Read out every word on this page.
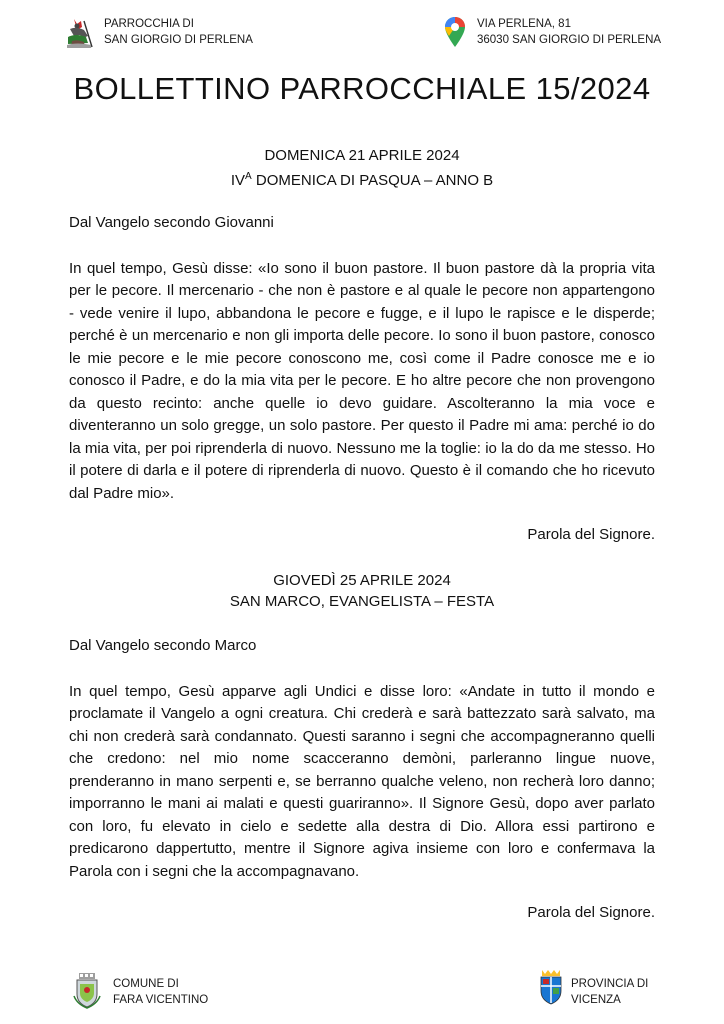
PARROCCHIA DI
SAN GIORGIO DI PERLENA
VIA PERLENA, 81
36030 SAN GIORGIO DI PERLENA
BOLLETTINO PARROCCHIALE 15/2024
DOMENICA 21 APRILE 2024
$IV^A$ DOMENICA DI PASQUA – ANNO B
Dal Vangelo secondo Giovanni

In quel tempo, Gesù disse: «Io sono il buon pastore. Il buon pastore dà la propria vita per le pecore. Il mercenario - che non è pastore e al quale le pecore non appartengono - vede venire il lupo, abbandona le pecore e fugge, e il lupo le rapisce e le disperde; perché è un mercenario e non gli importa delle pecore. Io sono il buon pastore, conosco le mie pecore e le mie pecore conoscono me, così come il Padre conosce me e io conosco il Padre, e do la mia vita per le pecore. E ho altre pecore che non provengono da questo recinto: anche quelle io devo guidare. Ascolteranno la mia voce e diventeranno un solo gregge, un solo pastore. Per questo il Padre mi ama: perché io do la mia vita, per poi riprenderla di nuovo. Nessuno me la toglie: io la do da me stesso. Ho il potere di darla e il potere di riprenderla di nuovo. Questo è il comando che ho ricevuto dal Padre mio».

Parola del Signore.
GIOVEDÌ 25 APRILE 2024
SAN MARCO, EVANGELISTA – FESTA
Dal Vangelo secondo Marco

In quel tempo, Gesù apparve agli Undici e disse loro: «Andate in tutto il mondo e proclamate il Vangelo a ogni creatura. Chi crederà e sarà battezzato sarà salvato, ma chi non crederà sarà condannato. Questi saranno i segni che accompagneranno quelli che credono: nel mio nome scacceranno demòni, parleranno lingue nuove, prenderanno in mano serpenti e, se berranno qualche veleno, non recherà loro danno; imporranno le mani ai malati e questi guariranno». Il Signore Gesù, dopo aver parlato con loro, fu elevato in cielo e sedette alla destra di Dio. Allora essi partirono e predicarono dappertutto, mentre il Signore agiva insieme con loro e confermava la Parola con i segni che la accompagnavano.

Parola del Signore.
COMUNE DI
FARA VICENTINO
PROVINCIA DI
VICENZA
